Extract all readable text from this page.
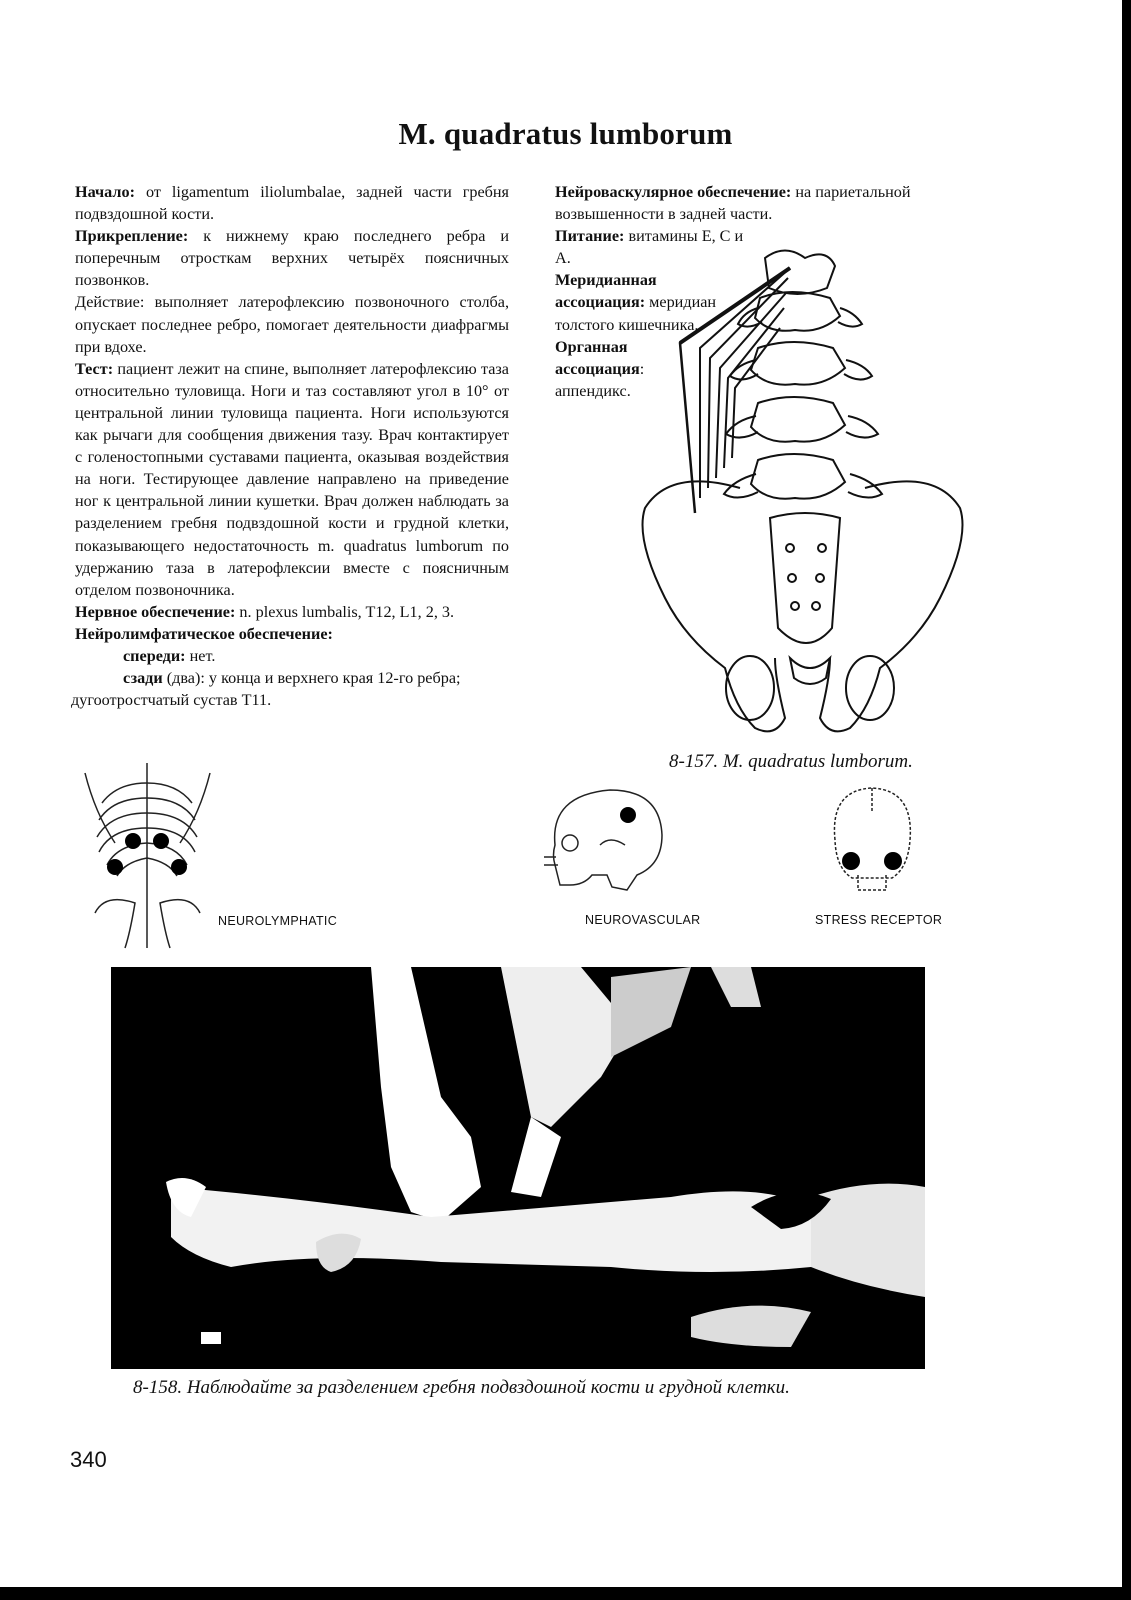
M. quadratus lumborum

Начало: от ligamentum iliolumbalae, задней части гребня подвздошной кости.

Прикрепление: к нижнему краю последнего ребра и поперечным отросткам верхних четырёх поясничных позвонков.

Действие: выполняет латерофлексию позвоночного столба, опускает последнее ребро, помогает деятельности диафрагмы при вдохе.

Тест: пациент лежит на спине, выполняет латерофлексию таза относительно туловища. Ноги и таз составляют угол в 10° от центральной линии туловища пациента. Ноги используются как рычаги для сообщения движения тазу. Врач контактирует с голеностопными суставами пациента, оказывая воздействия на ноги. Тестирующее давление направлено на приведение ног к центральной линии кушетки. Врач должен наблюдать за разделением гребня подвздошной кости и грудной клетки, показывающего недостаточность m. quadratus lumborum по удержанию таза в латерофлексии вместе с поясничным отделом позвоночника.

Нервное обеспечение: n. plexus lumbalis, T12, L1, 2, 3.

Нейролимфатическое обеспечение:

спереди: нет.

сзади (два): у конца и верхнего края 12-го ребра;

дугоотростчатый сустав T11.

Нейроваскулярное обеспечение: на париетальной возвышенности в задней части.

Питание: витамины E, C и A.

Меридианная ассоциация: меридиан толстого кишечника.

Органная ассоциация: аппендикс.

8-157. M. quadratus lumborum.
NEUROLYMPHATIC	NEUROVASCULAR	STRESS RECEPTOR
8-158. Наблюдайте за разделением гребня подвздошной кости и грудной клетки.
340
